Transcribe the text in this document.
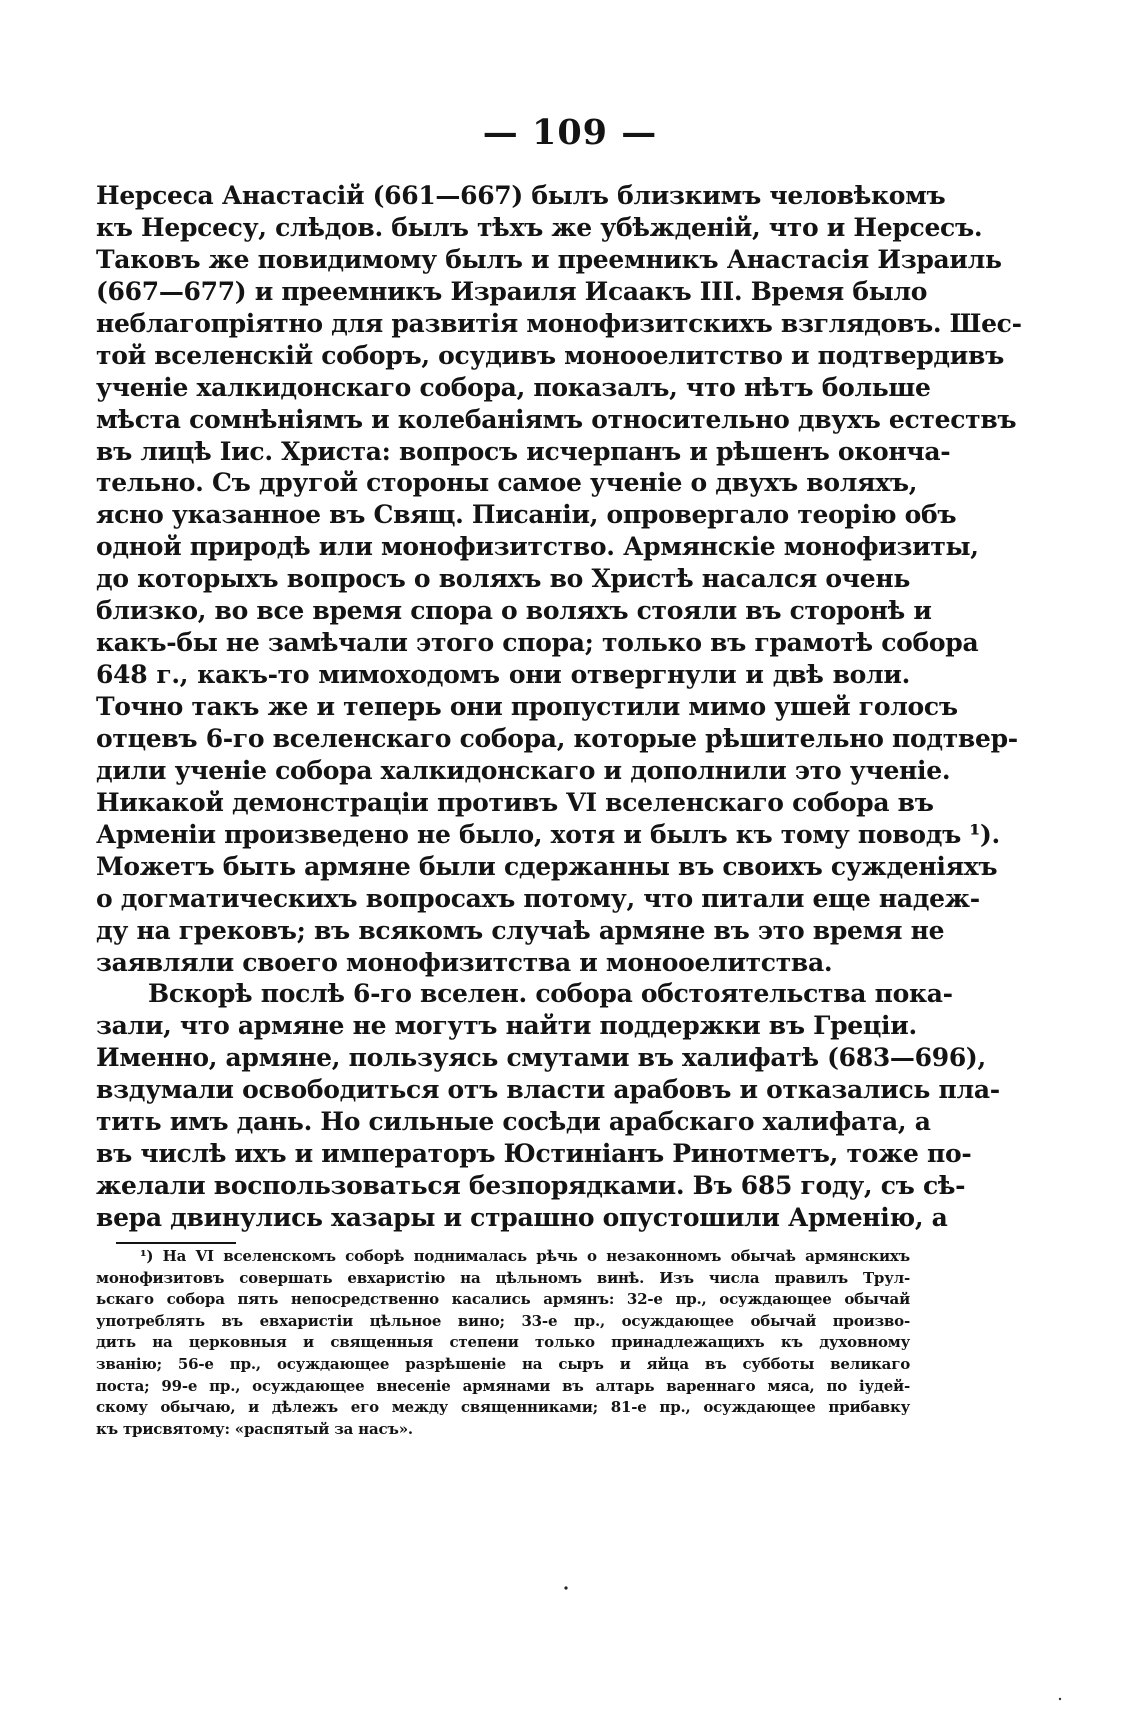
— 109 —
Нерсеса Анастасій (661—667) былъ близкимъ человѣкомъ
къ Нерсесу, слѣдов. былъ тѣхъ же убѣжденій, что и Нерсесъ.
Таковъ же повидимому былъ и преемникъ Анастасія Израиль
(667—677) и преемникъ Израиля Исаакъ III. Время было
неблагопріятно для развитія монофизитскихъ взглядовъ. Шес-
той вселенскій соборъ, осудивъ монооелитство и подтвердивъ
ученіе халкидонскаго собора, показалъ, что нѣтъ больше
мѣста сомнѣніямъ и колебаніямъ относительно двухъ естествъ
въ лицѣ Іис. Христа: вопросъ исчерпанъ и рѣшенъ оконча-
тельно. Съ другой стороны самое ученіе о двухъ воляхъ,
ясно указанное въ Свящ. Писаніи, опровергало теорію объ
одной природѣ или монофизитство. Армянскіе монофизиты,
до которыхъ вопросъ о воляхъ во Христѣ насался очень
близко, во все время спора о воляхъ стояли въ сторонѣ и
какъ-бы не замѣчали этого спора; только въ грамотѣ собора
648 г., какъ-то мимоходомъ они отвергнули и двѣ воли.
Точно такъ же и теперь они пропустили мимо ушей голосъ
отцевъ 6-го вселенскаго собора, которые рѣшительно подтвер-
дили ученіе собора халкидонскаго и дополнили это ученіе.
Никакой демонстраціи противъ VI вселенскаго собора въ
Арменіи произведено не было, хотя и былъ къ тому поводъ ¹).
Можетъ быть армяне были сдержанны въ своихъ сужденіяхъ
о догматическихъ вопросахъ потому, что питали еще надеж-
ду на грековъ; въ всякомъ случаѣ армяне въ это время не
заявляли своего монофизитства и монооелитства.
Вскорѣ послѣ 6-го вселен. собора обстоятельства пока-
зали, что армяне не могутъ найти поддержки въ Греціи.
Именно, армяне, пользуясь смутами въ халифатѣ (683—696),
вздумали освободиться отъ власти арабовъ и отказались пла-
тить имъ дань. Но сильные сосѣди арабскаго халифата, а
въ числѣ ихъ и императоръ Юстиніанъ Ринотметъ, тоже по-
желали воспользоваться безпорядками. Въ 685 году, съ сѣ-
вера двинулись хазары и страшно опустошили Арменію, а
¹) На VI вселенскомъ соборѣ поднималась рѣчь о незаконномъ обычаѣ армянскихъ
монофизитовъ совершать евхаристію на цѣльномъ винѣ. Изъ числа правилъ Трул-
ьскаго собора пять непосредственно касались армянъ: 32-е пр., осуждающее обычай
употреблять въ евхаристіи цѣльное вино; 33-е пр., осуждающее обычай произво-
дить на церковныя и священныя степени только принадлежащихъ къ духовному
званію; 56-е пр., осуждающее разрѣшеніе на сыръ и яйца въ субботы великаго
поста; 99-е пр., осуждающее внесеніе армянами въ алтарь вареннаго мяса, по іудей-
скому обычаю, и дѣлежъ его между священниками; 81-е пр., осуждающее прибавку
къ трисвятому: «распятый за насъ».
